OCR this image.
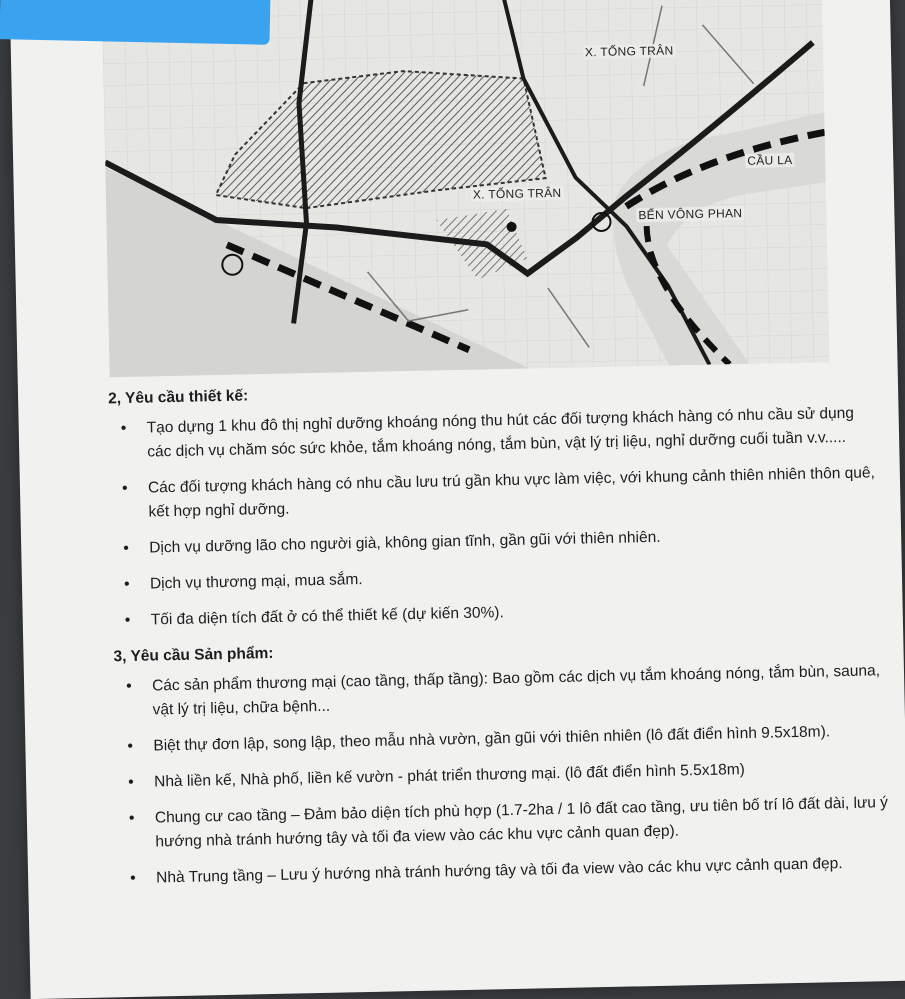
X. TỐNG TRÂN
X. TỐNG TRÂN
CẦU LA
BẾN VÔNG PHAN
2, Yêu cầu thiết kế:
• Tạo dựng 1 khu đô thị nghỉ dưỡng khoáng nóng thu hút các đối tượng khách hàng có nhu cầu sử dụng các dịch vụ chăm sóc sức khỏe, tắm khoáng nóng, tắm bùn, vật lý trị liệu, nghỉ dưỡng cuối tuần v.v.....
• Các đối tượng khách hàng có nhu cầu lưu trú gần khu vực làm việc, với khung cảnh thiên nhiên thôn quê, kết hợp nghỉ dưỡng.
• Dịch vụ dưỡng lão cho người già, không gian tĩnh, gần gũi với thiên nhiên.
• Dịch vụ thương mại, mua sắm.
• Tối đa diện tích đất ở có thể thiết kế (dự kiến 30%).
3, Yêu cầu Sản phẩm:
• Các sản phẩm thương mại (cao tầng, thấp tầng): Bao gồm các dịch vụ tắm khoáng nóng, tắm bùn, sauna, vật lý trị liệu, chữa bệnh...
• Biệt thự đơn lập, song lập, theo mẫu nhà vườn, gần gũi với thiên nhiên (lô đất điển hình 9.5x18m).
• Nhà liền kế, Nhà phố, liền kế vườn - phát triển thương mại. (lô đất điển hình 5.5x18m)
• Chung cư cao tầng – Đảm bảo diện tích phù hợp (1.7-2ha / 1 lô đất cao tầng, ưu tiên bố trí lô đất dài, lưu ý hướng nhà tránh hướng tây và tối đa view vào các khu vực cảnh quan đẹp).
• Nhà Trung tầng – Lưu ý hướng nhà tránh hướng tây và tối đa view vào các khu vực cảnh quan đẹp.
